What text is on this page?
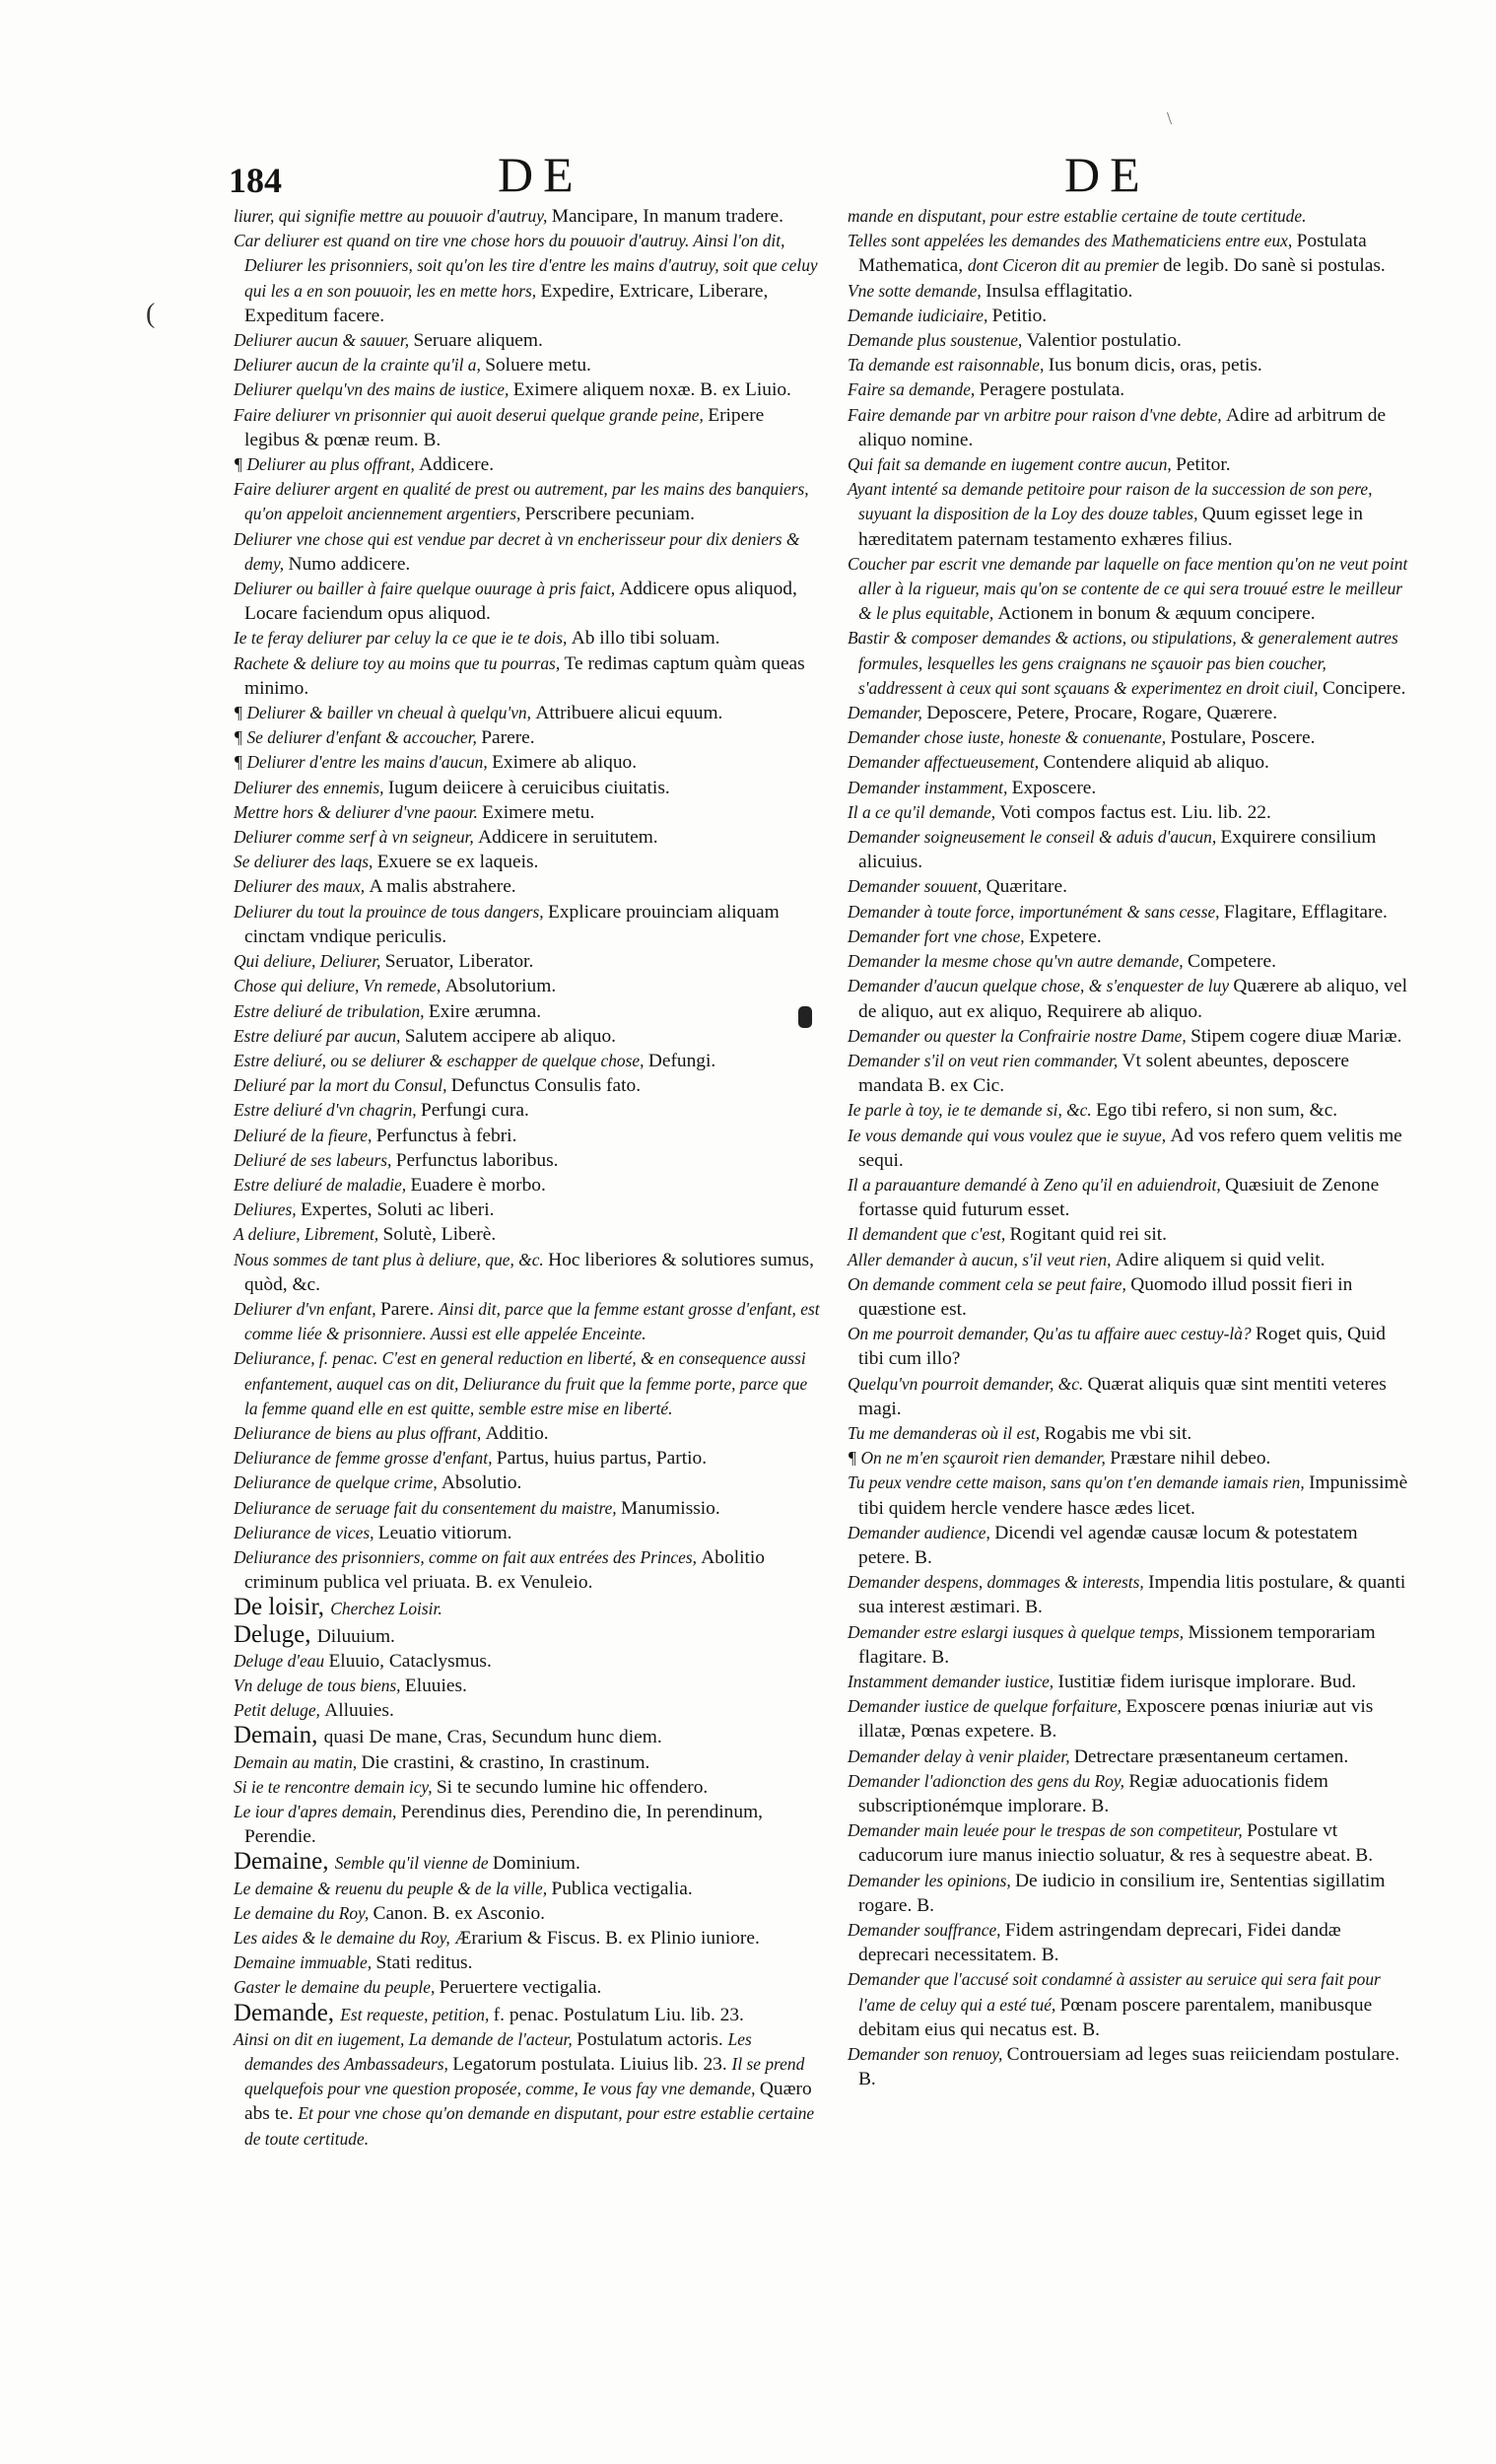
\
184	DE	DE
(

liurer, qui signifie mettre au pouuoir d'autruy, Mancipare, In manum tradere.

Car deliurer est quand on tire vne chose hors du pouuoir d'autruy. Ainsi l'on dit, Deliurer les prisonniers, soit qu'on les tire d'entre les mains d'autruy, soit que celuy qui les a en son pouuoir, les en mette hors, Expedire, Extricare, Liberare, Expeditum facere.

Deliurer aucun & sauuer, Seruare aliquem.

Deliurer aucun de la crainte qu'il a, Soluere metu.

Deliurer quelqu'vn des mains de iustice, Eximere aliquem noxæ. B. ex Liuio.

Faire deliurer vn prisonnier qui auoit deserui quelque grande peine, Eripere legibus & pœnæ reum. B.

¶ Deliurer au plus offrant, Addicere.

Faire deliurer argent en qualité de prest ou autrement, par les mains des banquiers, qu'on appeloit anciennement argentiers, Perscribere pecuniam.

Deliurer vne chose qui est vendue par decret à vn encherisseur pour dix deniers & demy, Numo addicere.

Deliurer ou bailler à faire quelque ouurage à pris faict, Addicere opus aliquod, Locare faciendum opus aliquod.

Ie te feray deliurer par celuy la ce que ie te dois, Ab illo tibi soluam.

Rachete & deliure toy au moins que tu pourras, Te redimas captum quàm queas minimo.

¶ Deliurer & bailler vn cheual à quelqu'vn, Attribuere alicui equum.

¶ Se deliurer d'enfant & accoucher, Parere.

¶ Deliurer d'entre les mains d'aucun, Eximere ab aliquo.

Deliurer des ennemis, Iugum deiicere à ceruicibus ciuitatis.

Mettre hors & deliurer d'vne paour. Eximere metu.

Deliurer comme serf à vn seigneur, Addicere in seruitutem.

Se deliurer des laqs, Exuere se ex laqueis.

Deliurer des maux, A malis abstrahere.

Deliurer du tout la prouince de tous dangers, Explicare prouinciam aliquam cinctam vndique periculis.

Qui deliure, Deliurer, Seruator, Liberator.

Chose qui deliure, Vn remede, Absolutorium.

Estre deliuré de tribulation, Exire ærumna.

Estre deliuré par aucun, Salutem accipere ab aliquo.

Estre deliuré, ou se deliurer & eschapper de quelque chose, Defungi.

Deliuré par la mort du Consul, Defunctus Consulis fato.

Estre deliuré d'vn chagrin, Perfungi cura.

Deliuré de la fieure, Perfunctus à febri.

Deliuré de ses labeurs, Perfunctus laboribus.

Estre deliuré de maladie, Euadere è morbo.

Deliures, Expertes, Soluti ac liberi.

A deliure, Librement, Solutè, Liberè.

Nous sommes de tant plus à deliure, que, &c. Hoc liberiores & solutiores sumus, quòd, &c.

Deliurer d'vn enfant, Parere. Ainsi dit, parce que la femme estant grosse d'enfant, est comme liée & prisonniere. Aussi est elle appelée Enceinte.

Deliurance, f. penac. C'est en general reduction en liberté, & en consequence aussi enfantement, auquel cas on dit, Deliurance du fruit que la femme porte, parce que la femme quand elle en est quitte, semble estre mise en liberté.

Deliurance de biens au plus offrant, Additio.

Deliurance de femme grosse d'enfant, Partus, huius partus, Partio.

Deliurance de quelque crime, Absolutio.

Deliurance de seruage fait du consentement du maistre, Manumissio.

Deliurance de vices, Leuatio vitiorum.

Deliurance des prisonniers, comme on fait aux entrées des Princes, Abolitio criminum publica vel priuata. B. ex Venuleio.

De loisir, Cherchez Loisir.

Deluge, Diluuium.

Deluge d'eau Eluuio, Cataclysmus.

Vn deluge de tous biens, Eluuies.

Petit deluge, Alluuies.

Demain, quasi De mane, Cras, Secundum hunc diem.

Demain au matin, Die crastini, & crastino, In crastinum.

Si ie te rencontre demain icy, Si te secundo lumine hic offendero.

Le iour d'apres demain, Perendinus dies, Perendino die, In perendinum, Perendie.

Demaine, Semble qu'il vienne de Dominium.

Le demaine & reuenu du peuple & de la ville, Publica vectigalia.

Le demaine du Roy, Canon. B. ex Asconio.

Les aides & le demaine du Roy, Ærarium & Fiscus. B. ex Plinio iuniore.

Demaine immuable, Stati reditus.

Gaster le demaine du peuple, Peruertere vectigalia.

Demande, Est requeste, petition, f. penac. Postulatum Liu. lib. 23.

Ainsi on dit en iugement, La demande de l'acteur, Postulatum actoris. Les demandes des Ambassadeurs, Legatorum postulata. Liuius lib. 23. Il se prend quelquefois pour vne question proposée, comme, Ie vous fay vne demande, Quæro abs te. Et pour vne chose qu'on demande en disputant, pour estre establie certaine de toute certitude.

mande en disputant, pour estre establie certaine de toute certitude.

Telles sont appelées les demandes des Mathematiciens entre eux, Postulata Mathematica, dont Ciceron dit au premier de legib. Do sanè si postulas.

Vne sotte demande, Insulsa efflagitatio.

Demande iudiciaire, Petitio.

Demande plus soustenue, Valentior postulatio.

Ta demande est raisonnable, Ius bonum dicis, oras, petis.

Faire sa demande, Peragere postulata.

Faire demande par vn arbitre pour raison d'vne debte, Adire ad arbitrum de aliquo nomine.

Qui fait sa demande en iugement contre aucun, Petitor.

Ayant intenté sa demande petitoire pour raison de la succession de son pere, suyuant la disposition de la Loy des douze tables, Quum egisset lege in hæreditatem paternam testamento exhæres filius.

Coucher par escrit vne demande par laquelle on face mention qu'on ne veut point aller à la rigueur, mais qu'on se contente de ce qui sera trouué estre le meilleur & le plus equitable, Actionem in bonum & æquum concipere.

Bastir & composer demandes & actions, ou stipulations, & generalement autres formules, lesquelles les gens craignans ne sçauoir pas bien coucher, s'addressent à ceux qui sont sçauans & experimentez en droit ciuil, Concipere.

Demander, Deposcere, Petere, Procare, Rogare, Quærere.

Demander chose iuste, honeste & conuenante, Postulare, Poscere.

Demander affectueusement, Contendere aliquid ab aliquo.

Demander instamment, Exposcere.

Il a ce qu'il demande, Voti compos factus est. Liu. lib. 22.

Demander soigneusement le conseil & aduis d'aucun, Exquirere consilium alicuius.

Demander souuent, Quæritare.

Demander à toute force, importunément & sans cesse, Flagitare, Efflagitare.

Demander fort vne chose, Expetere.

Demander la mesme chose qu'vn autre demande, Competere.

Demander d'aucun quelque chose, & s'enquester de luy Quærere ab aliquo, vel de aliquo, aut ex aliquo, Requirere ab aliquo.

Demander ou quester la Confrairie nostre Dame, Stipem cogere diuæ Mariæ.

Demander s'il on veut rien commander, Vt solent abeuntes, deposcere mandata B. ex Cic.

Ie parle à toy, ie te demande si, &c. Ego tibi refero, si non sum, &c.

Ie vous demande qui vous voulez que ie suyue, Ad vos refero quem velitis me sequi.

Il a parauanture demandé à Zeno qu'il en aduiendroit, Quæsiuit de Zenone fortasse quid futurum esset.

Il demandent que c'est, Rogitant quid rei sit.

Aller demander à aucun, s'il veut rien, Adire aliquem si quid velit.

On demande comment cela se peut faire, Quomodo illud possit fieri in quæstione est.

On me pourroit demander, Qu'as tu affaire auec cestuy-là? Roget quis, Quid tibi cum illo?

Quelqu'vn pourroit demander, &c. Quærat aliquis quæ sint mentiti veteres magi.

Tu me demanderas où il est, Rogabis me vbi sit.

¶ On ne m'en sçauroit rien demander, Præstare nihil debeo.

Tu peux vendre cette maison, sans qu'on t'en demande iamais rien, Impunissimè tibi quidem hercle vendere hasce ædes licet.

Demander audience, Dicendi vel agendæ causæ locum & potestatem petere. B.

Demander despens, dommages & interests, Impendia litis postulare, & quanti sua interest æstimari. B.

Demander estre eslargi iusques à quelque temps, Missionem temporariam flagitare. B.

Instamment demander iustice, Iustitiæ fidem iurisque implorare. Bud.

Demander iustice de quelque forfaiture, Exposcere pœnas iniuriæ aut vis illatæ, Pœnas expetere. B.

Demander delay à venir plaider, Detrectare præsentaneum certamen.

Demander l'adionction des gens du Roy, Regiæ aduocationis fidem subscriptionémque implorare. B.

Demander main leuée pour le trespas de son competiteur, Postulare vt caducorum iure manus iniectio soluatur, & res à sequestre abeat. B.

Demander les opinions, De iudicio in consilium ire, Sententias sigillatim rogare. B.

Demander souffrance, Fidem astringendam deprecari, Fidei dandæ deprecari necessitatem. B.

Demander que l'accusé soit condamné à assister au seruice qui sera fait pour l'ame de celuy qui a esté tué, Pœnam poscere parentalem, manibusque debitam eius qui necatus est. B.

Demander son renuoy, Controuersiam ad leges suas reiiciendam postulare. B.
